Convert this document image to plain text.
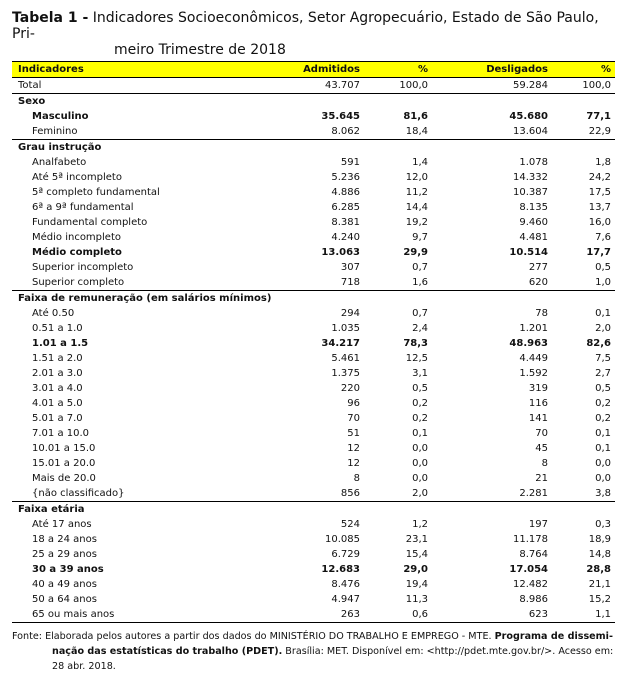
Tabela 1 - Indicadores Socioeconômicos, Setor Agropecuário, Estado de São Paulo, Pri-
meiro Trimestre de 2018
Indicadores	Admitidos	%	Desligados	%
Total	43.707	100,0	59.284	100,0
Sexo				
Masculino	35.645	81,6	45.680	77,1
Feminino	8.062	18,4	13.604	22,9
Grau instrução				
Analfabeto	591	1,4	1.078	1,8
Até 5ª incompleto	5.236	12,0	14.332	24,2
5ª completo fundamental	4.886	11,2	10.387	17,5
6ª a 9ª fundamental	6.285	14,4	8.135	13,7
Fundamental completo	8.381	19,2	9.460	16,0
Médio incompleto	4.240	9,7	4.481	7,6
Médio completo	13.063	29,9	10.514	17,7
Superior incompleto	307	0,7	277	0,5
Superior completo	718	1,6	620	1,0
Faixa de remuneração (em salários mínimos)				
Até 0.50	294	0,7	78	0,1
0.51 a 1.0	1.035	2,4	1.201	2,0
1.01 a 1.5	34.217	78,3	48.963	82,6
1.51 a 2.0	5.461	12,5	4.449	7,5
2.01 a 3.0	1.375	3,1	1.592	2,7
3.01 a 4.0	220	0,5	319	0,5
4.01 a 5.0	96	0,2	116	0,2
5.01 a 7.0	70	0,2	141	0,2
7.01 a 10.0	51	0,1	70	0,1
10.01 a 15.0	12	0,0	45	0,1
15.01 a 20.0	12	0,0	8	0,0
Mais de 20.0	8	0,0	21	0,0
{não classificado}	856	2,0	2.281	3,8
Faixa etária				
Até 17 anos	524	1,2	197	0,3
18 a 24 anos	10.085	23,1	11.178	18,9
25 a 29 anos	6.729	15,4	8.764	14,8
30 a 39 anos	12.683	29,0	17.054	28,8
40 a 49 anos	8.476	19,4	12.482	21,1
50 a 64 anos	4.947	11,3	8.986	15,2
65 ou mais anos	263	0,6	623	1,1
Fonte: Elaborada pelos autores a partir dos dados do MINISTÉRIO DO TRABALHO E EMPREGO - MTE. Programa de dissemi-
nação das estatísticas do trabalho (PDET). Brasília: MET. Disponível em: <http://pdet.mte.gov.br/>. Acesso em:
28 abr. 2018.
